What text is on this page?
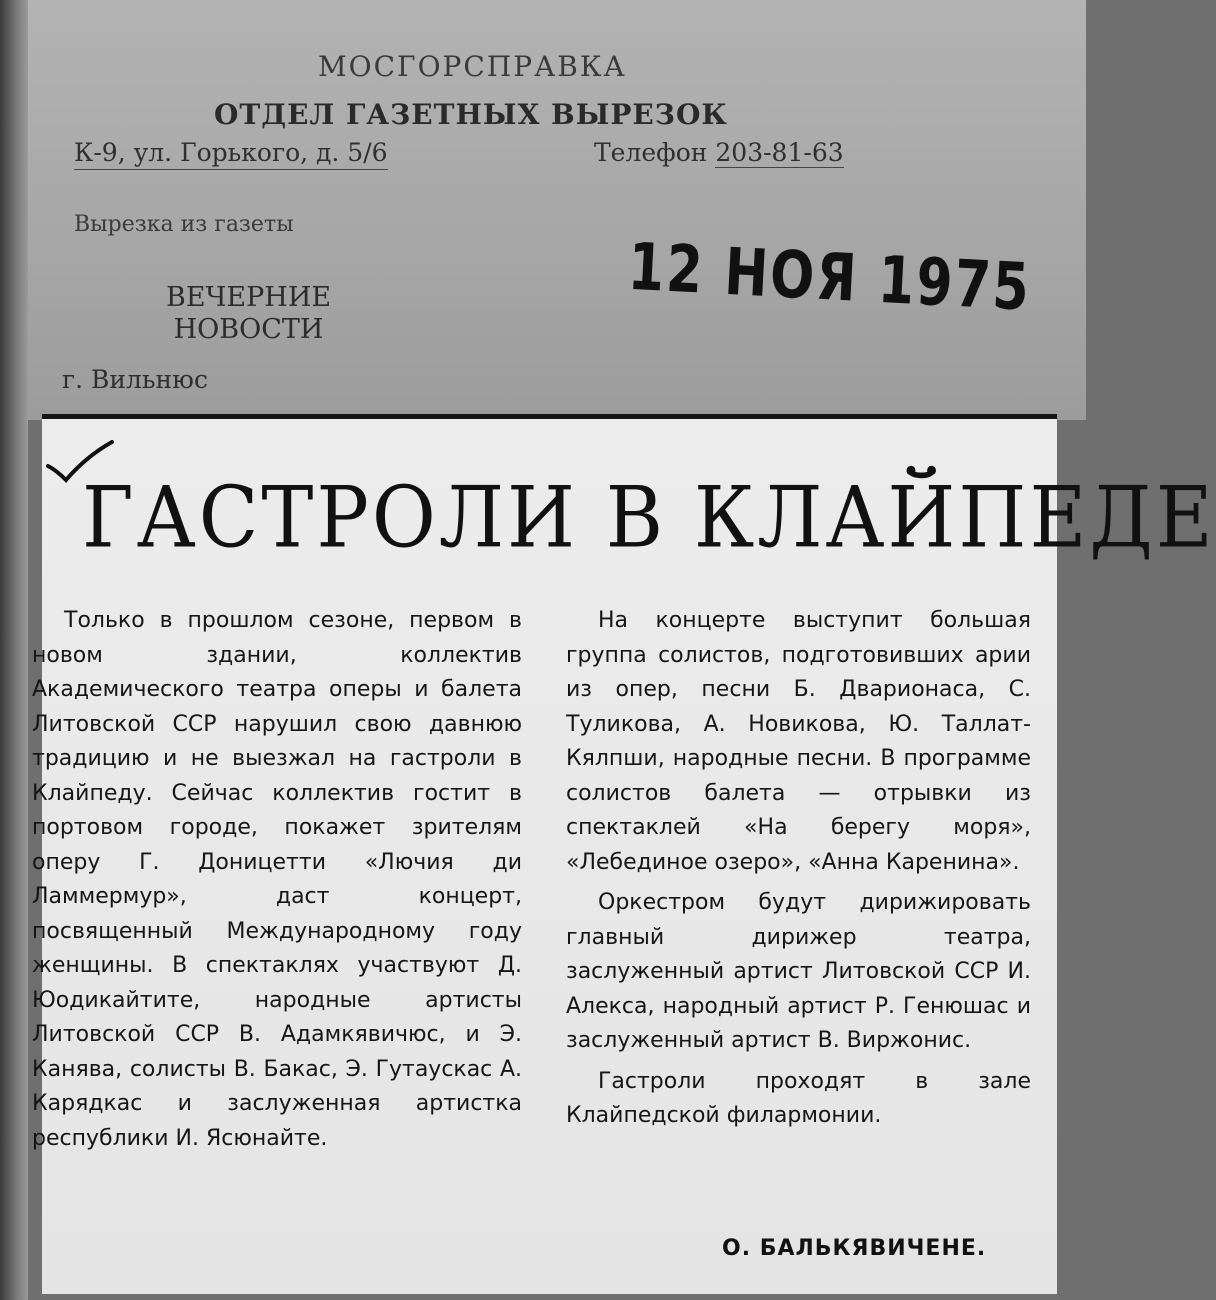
МОСГОРСПРАВКА
ОТДЕЛ ГАЗЕТНЫХ ВЫРЕЗОК
К-9, ул. Горького, д. 5/6	Телефон 203-81-63
Вырезка из газеты
ВЕЧЕРНИЕ
НОВОСТИ
г. Вильнюс
12 НОЯ 1975
ГАСТРОЛИ В КЛАЙПЕДЕ

Только в прошлом сезоне, первом в новом здании, коллектив Академического театра оперы и балета Литовской ССР нарушил свою давнюю традицию и не выезжал на гастроли в Клайпеду. Сейчас коллектив гостит в портовом городе, покажет зрителям оперу Г. Доницетти «Лючия ди Ламмермур», даст концерт, посвященный Международному году женщины. В спектаклях участвуют Д. Юодикайтите, народные артисты Литовской ССР В. Адамкявичюс, и Э. Канява, солисты В. Бакас, Э. Гутаускас А. Карядкас и заслуженная артистка республики И. Ясюнайте.

На концерте выступит большая группа солистов, подготовивших арии из опер, песни Б. Дварионаса, С. Туликова, А. Новикова, Ю. Таллат-Кялпши, народные песни. В программе солистов балета — отрывки из спектаклей «На берегу моря», «Лебединое озеро», «Анна Каренина».

Оркестром будут дирижировать главный дирижер театра, заслуженный артист Литовской ССР И. Алекса, народный артист Р. Генюшас и заслуженный артист В. Виржонис.

Гастроли проходят в зале Клайпедской филармонии.

О. БАЛЬКЯВИЧЕНЕ.
